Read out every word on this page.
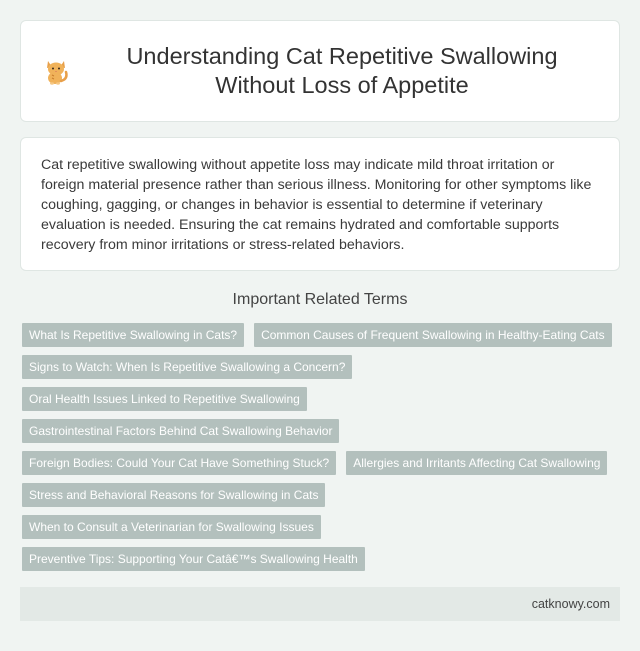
Understanding Cat Repetitive Swallowing Without Loss of Appetite

Cat repetitive swallowing without appetite loss may indicate mild throat irritation or foreign material presence rather than serious illness. Monitoring for other symptoms like coughing, gagging, or changes in behavior is essential to determine if veterinary evaluation is needed. Ensuring the cat remains hydrated and comfortable supports recovery from minor irritations or stress-related behaviors.

Important Related Terms
What Is Repetitive Swallowing in Cats?	Common Causes of Frequent Swallowing in Healthy-Eating Cats
Signs to Watch: When Is Repetitive Swallowing a Concern?
Oral Health Issues Linked to Repetitive Swallowing
Gastrointestinal Factors Behind Cat Swallowing Behavior
Foreign Bodies: Could Your Cat Have Something Stuck?	Allergies and Irritants Affecting Cat Swallowing
Stress and Behavioral Reasons for Swallowing in Cats
When to Consult a Veterinarian for Swallowing Issues
Preventive Tips: Supporting Your Catâ€™s Swallowing Health
catknowy.com
